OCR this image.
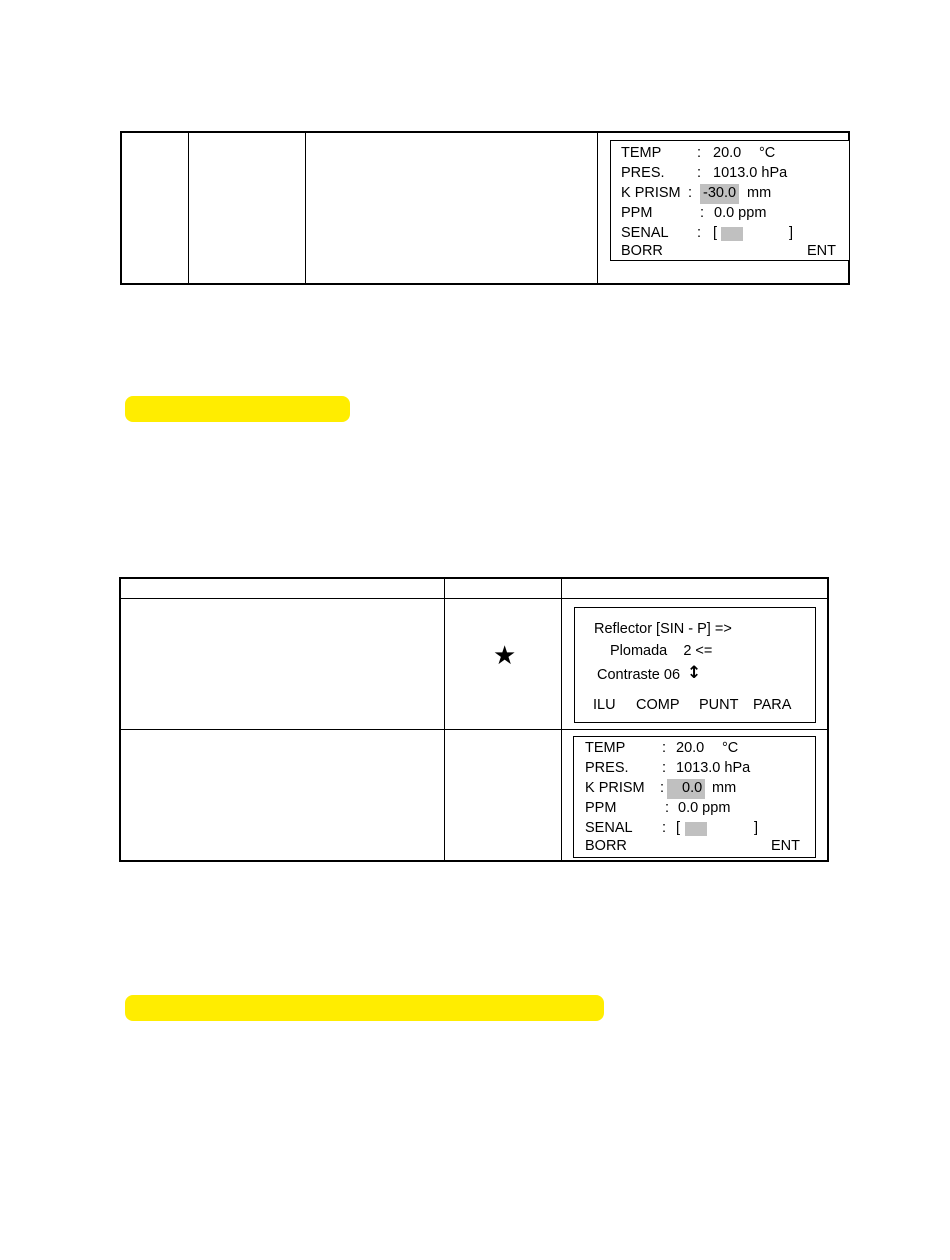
TEMP : 20.0 °C
PRES. : 1013.0 hPa
K PRISM : -30.0 mm
PPM	: 0.0 ppm
SENAL : [	]
BORR	ENT
★
Reflector [SIN - P] =>
Plomada    2 <=
Contraste 06 ↕
ILU COMP PUNT PARA
TEMP	: 20.0 °C
PRES. : 1013.0 hPa
K PRISM :	0.0 mm
PPM	: 0.0 ppm
SENAL : [	]
BORR	ENT
